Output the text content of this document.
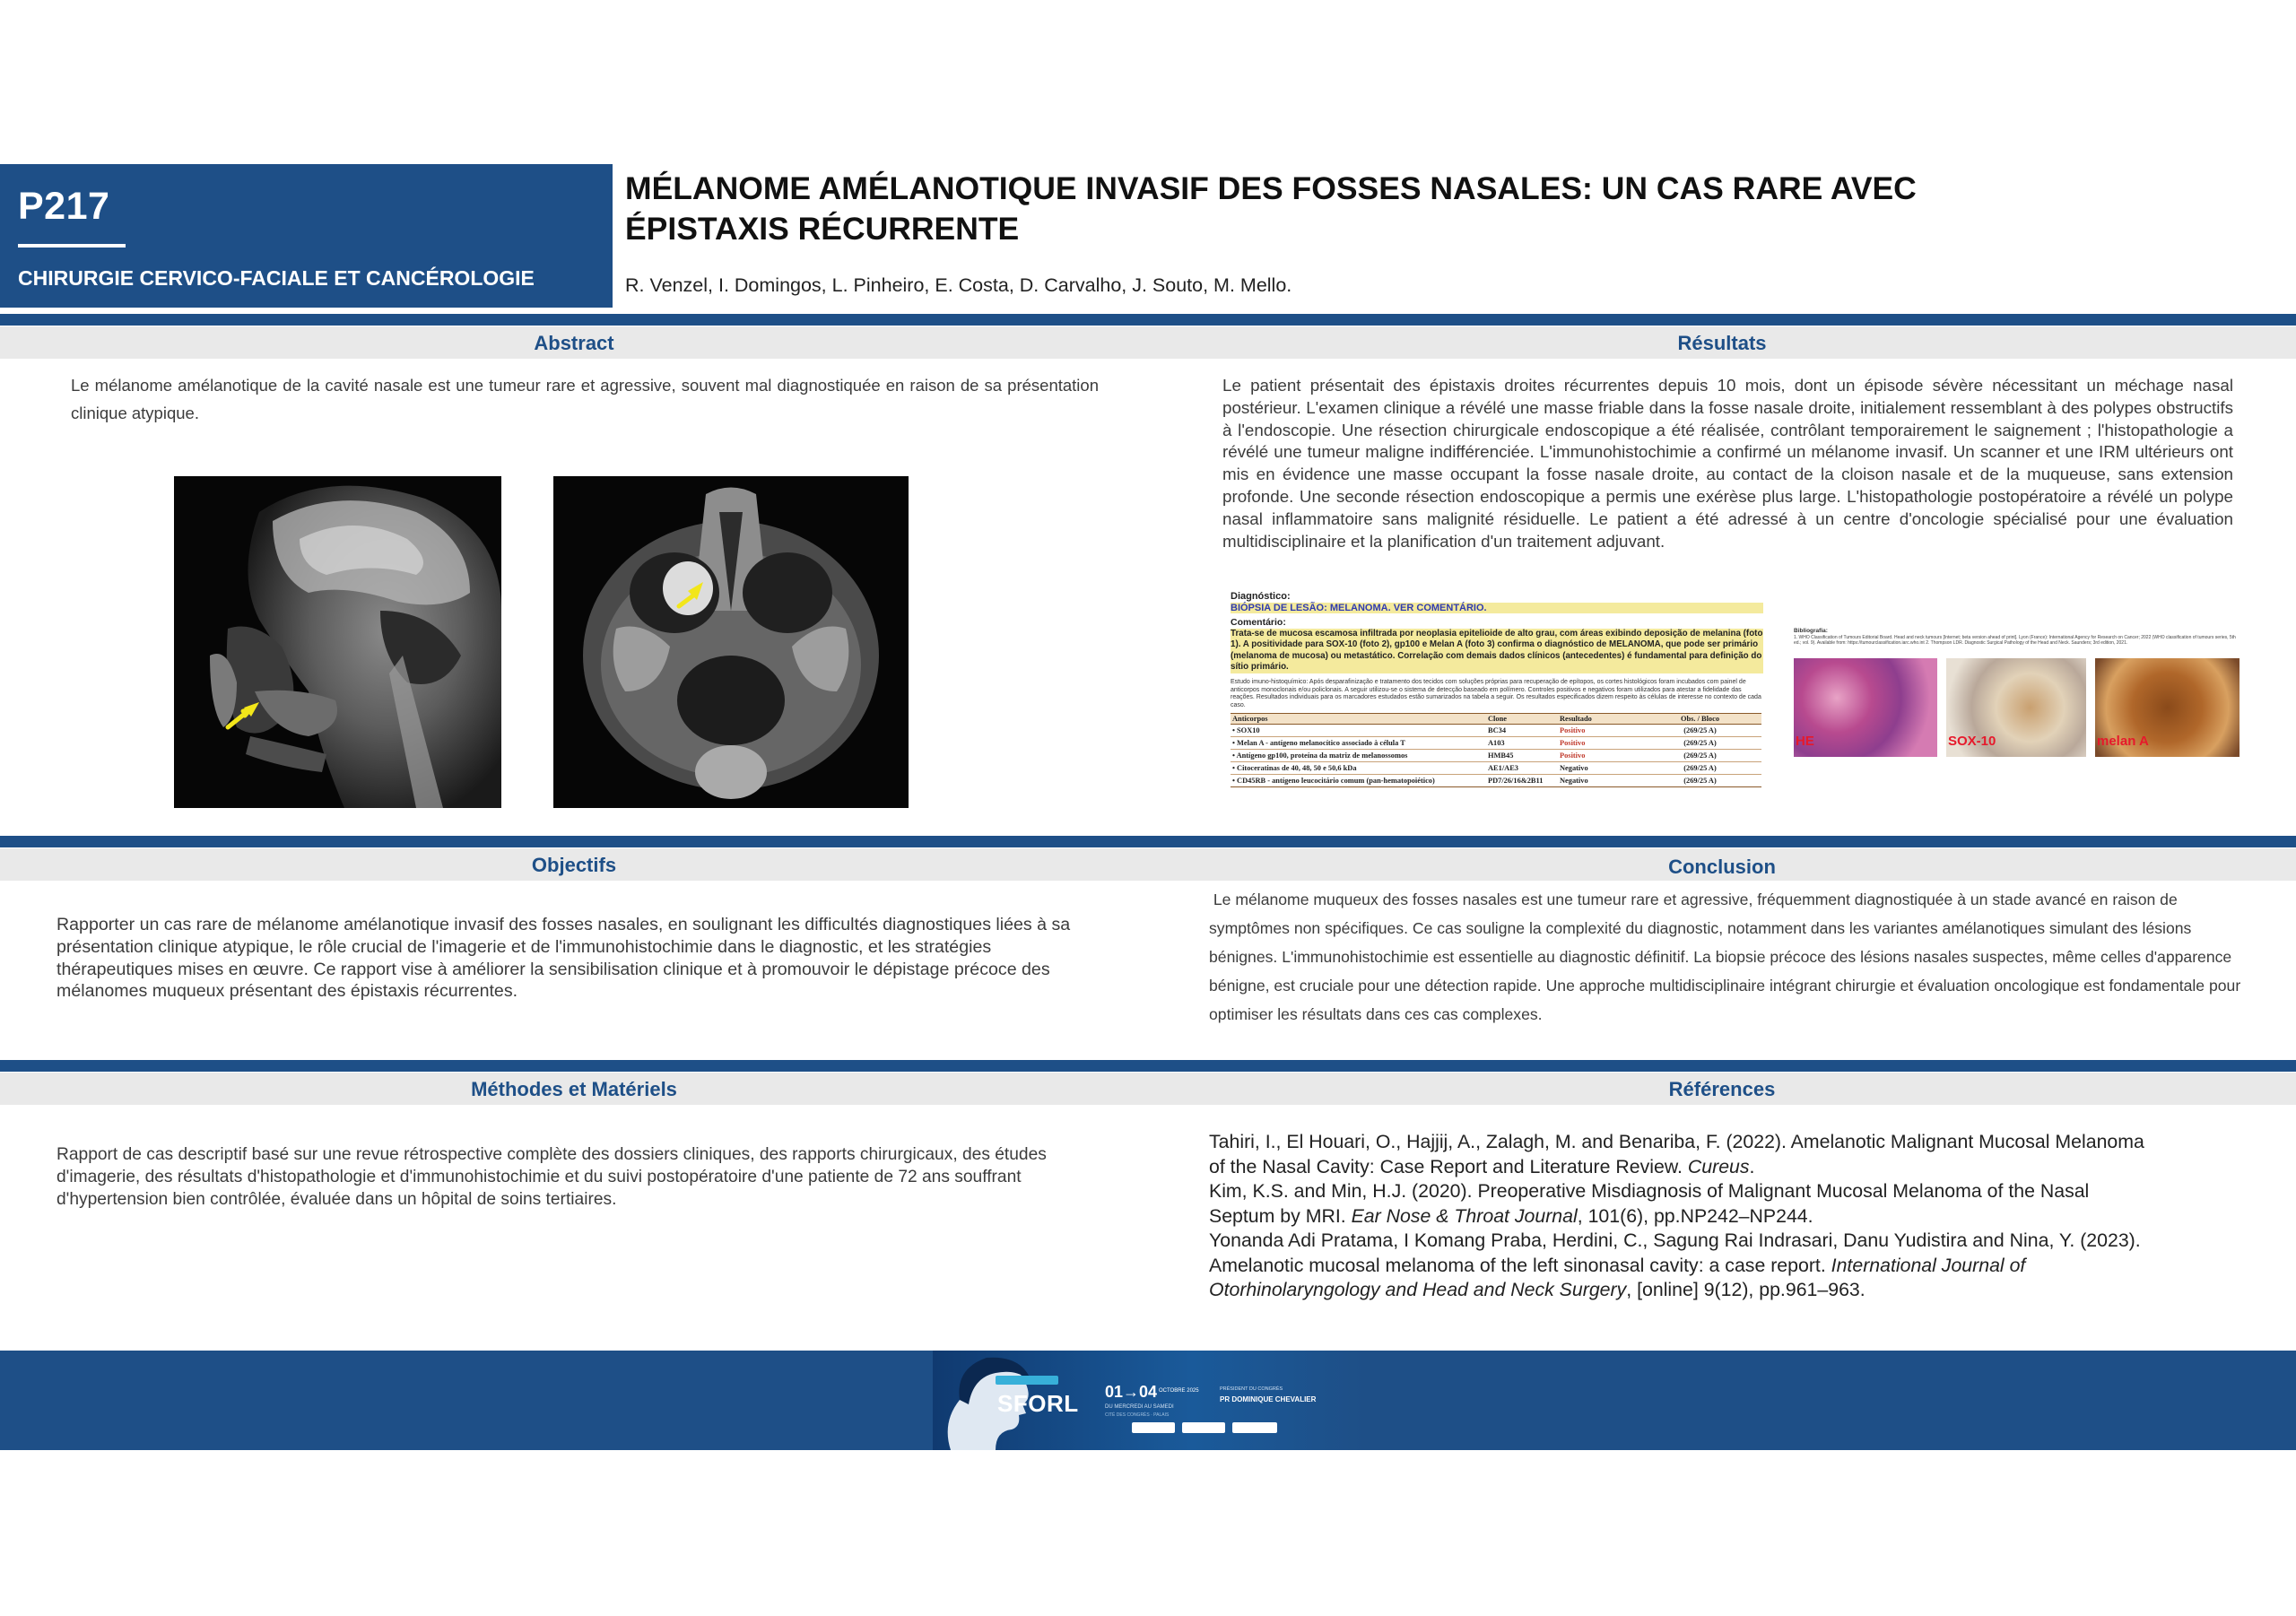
P217
CHIRURGIE CERVICO-FACIALE ET CANCÉROLOGIE
MÉLANOME AMÉLANOTIQUE INVASIF DES FOSSES NASALES: UN CAS RARE AVEC ÉPISTAXIS RÉCURRENTE
R. Venzel, I. Domingos, L. Pinheiro, E. Costa, D. Carvalho, J. Souto, M. Mello.
Abstract	Résultats
Le mélanome amélanotique de la cavité nasale est une tumeur rare et agressive, souvent mal diagnostiquée en raison de sa présentation clinique atypique.
Le patient présentait des épistaxis droites récurrentes depuis 10 mois, dont un épisode sévère nécessitant un méchage nasal postérieur. L'examen clinique a révélé une masse friable dans la fosse nasale droite, initialement ressemblant à des polypes obstructifs à l'endoscopie. Une résection chirurgicale endoscopique a été réalisée, contrôlant temporairement le saignement ; l'histopathologie a révélé une tumeur maligne indifférenciée. L'immunohistochimie a confirmé un mélanome invasif. Un scanner et une IRM ultérieurs ont mis en évidence une masse occupant la fosse nasale droite, au contact de la cloison nasale et de la muqueuse, sans extension profonde. Une seconde résection endoscopique a permis une exérèse plus large. L'histopathologie postopératoire a révélé un polype nasal inflammatoire sans malignité résiduelle. Le patient a été adressé à un centre d'oncologie spécialisé pour une évaluation multidisciplinaire et la planification d'un traitement adjuvant.
Diagnóstico:
BIÓPSIA DE LESÃO: MELANOMA. VER COMENTÁRIO.
Comentário:
Trata-se de mucosa escamosa infiltrada por neoplasia epitelioide de alto grau, com áreas exibindo deposição de melanina (foto 1). A positividade para SOX-10 (foto 2), gp100 e Melan A (foto 3) confirma o diagnóstico de MELANOMA, que pode ser primário (melanoma de mucosa) ou metastático. Correlação com demais dados clínicos (antecedentes) é fundamental para definição do sítio primário.
Estudo imuno-histoquímico: Após desparafinização e tratamento dos tecidos com soluções próprias para recuperação de epítopos, os cortes histológicos foram incubados com painel de anticorpos monoclonais e/ou policlonais. A seguir utilizou-se o sistema de detecção baseado em polímero. Controles positivos e negativos foram utilizados para atestar a fidelidade das reações. Resultados individuais para os marcadores estudados estão sumarizados na tabela a seguir. Os resultados especificados dizem respeito às células de interesse no contexto de cada caso.
Anticorpos	Clone	Resultado	Obs. / Bloco
• SOX10	BC34	Positivo	(269/25 A)
• Melan A - antígeno melanocítico associado à célula T	A103	Positivo	(269/25 A)
• Antígeno gp100, proteína da matriz de melanossomos	HMB45	Positivo	(269/25 A)
• Citoceratinas de 40, 48, 50 e 50,6 kDa	AE1/AE3	Negativo	(269/25 A)
• CD45RB - antígeno leucocitário comum (pan-hematopoiético)	PD7/26/16&2B11	Negativo	(269/25 A)
Bibliografia:
1. WHO Classification of Tumours Editorial Board. Head and neck tumours [Internet; beta version ahead of print]. Lyon (France): International Agency for Research on Cancer; 2022 (WHO classification of tumours series, 5th ed.; vol. 9). Available from: https://tumourclassification.iarc.who.int 2. Thompson LDR. Diagnostic Surgical Pathology of the Head and Neck. Saunders; 3rd edition, 2021.
HE	SOX-10	melan A
Objectifs	Conclusion
Rapporter un cas rare de mélanome amélanotique invasif des fosses nasales, en soulignant les difficultés diagnostiques liées à sa présentation clinique atypique, le rôle crucial de l'imagerie et de l'immunohistochimie dans le diagnostic, et les stratégies thérapeutiques mises en œuvre. Ce rapport vise à améliorer la sensibilisation clinique et à promouvoir le dépistage précoce des mélanomes muqueux présentant des épistaxis récurrentes.
Le mélanome muqueux des fosses nasales est une tumeur rare et agressive, fréquemment diagnostiquée à un stade avancé en raison de symptômes non spécifiques. Ce cas souligne la complexité du diagnostic, notamment dans les variantes amélanotiques simulant des lésions bénignes. L'immunohistochimie est essentielle au diagnostic définitif. La biopsie précoce des lésions nasales suspectes, même celles d'apparence bénigne, est cruciale pour une détection rapide. Une approche multidisciplinaire intégrant chirurgie et évaluation oncologique est fondamentale pour optimiser les résultats dans ces cas complexes.
Méthodes et Matériels	Références
Rapport de cas descriptif basé sur une revue rétrospective complète des dossiers cliniques, des rapports chirurgicaux, des études d'imagerie, des résultats d'histopathologie et d'immunohistochimie et du suivi postopératoire d'une patiente de 72 ans souffrant d'hypertension bien contrôlée, évaluée dans un hôpital de soins tertiaires.
Tahiri, I., El Houari, O., Hajjij, A., Zalagh, M. and Benariba, F. (2022). Amelanotic Malignant Mucosal Melanoma of the Nasal Cavity: Case Report and Literature Review. Cureus.
Kim, K.S. and Min, H.J. (2020). Preoperative Misdiagnosis of Malignant Mucosal Melanoma of the Nasal Septum by MRI. Ear Nose & Throat Journal, 101(6), pp.NP242–NP244.
Yonanda Adi Pratama, I Komang Praba, Herdini, C., Sagung Rai Indrasari, Danu Yudistira and Nina, Y. (2023). Amelanotic mucosal melanoma of the left sinonasal cavity: a case report. International Journal of Otorhinolaryngology and Head and Neck Surgery, [online] 9(12), pp.961–963.
SFORL 01→04 OCTOBRE 2025
DU MERCREDI AU SAMEDI
CITÉ DES CONGRÈS · PALAIS
PRÉSIDENT DU CONGRÈS
PR DOMINIQUE CHEVALIER
